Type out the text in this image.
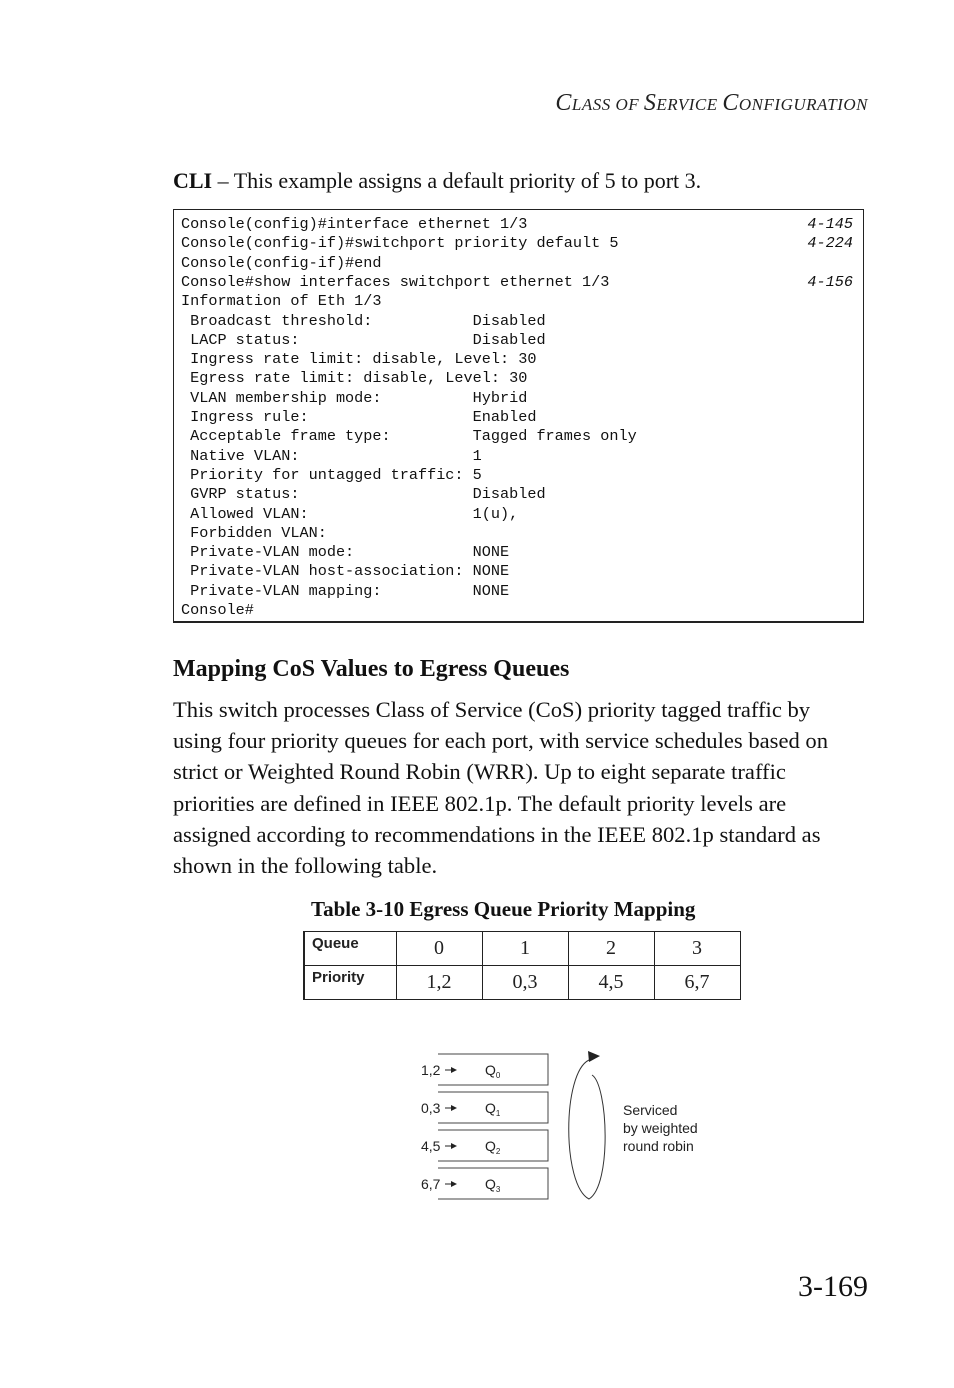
CLASS OF SERVICE CONFIGURATION
CLI – This example assigns a default priority of 5 to port 3.
Console(config)#interface ethernet 1/3	4-145
Console(config-if)#switchport priority default 5	4-224
Console(config-if)#end
Console#show interfaces switchport ethernet 1/3	4-156
Information of Eth 1/3
Broadcast threshold:           Disabled
LACP status:                   Disabled
Ingress rate limit: disable, Level: 30
Egress rate limit: disable, Level: 30
VLAN membership mode:          Hybrid
Ingress rule:                  Enabled
Acceptable frame type:         Tagged frames only
Native VLAN:                   1
Priority for untagged traffic: 5
GVRP status:                   Disabled
Allowed VLAN:                  1(u),
Forbidden VLAN:
Private-VLAN mode:             NONE
Private-VLAN host-association: NONE
Private-VLAN mapping:          NONE
Console#
Mapping CoS Values to Egress Queues
This switch processes Class of Service (CoS) priority tagged traffic by
using four priority queues for each port, with service schedules based on
strict or Weighted Round Robin (WRR). Up to eight separate traffic
priorities are defined in IEEE 802.1p. The default priority levels are
assigned according to recommendations in the IEEE 802.1p standard as
shown in the following table.
Table 3-10 Egress Queue Priority Mapping
Queue	0	1	2	3
Priority	1,2	0,3	4,5	6,7
1,2	$Q_0$
0,3	$Q_1$
4,5	$Q_2$
6,7	$Q_3$
Serviced by weighted round robin
3-169
